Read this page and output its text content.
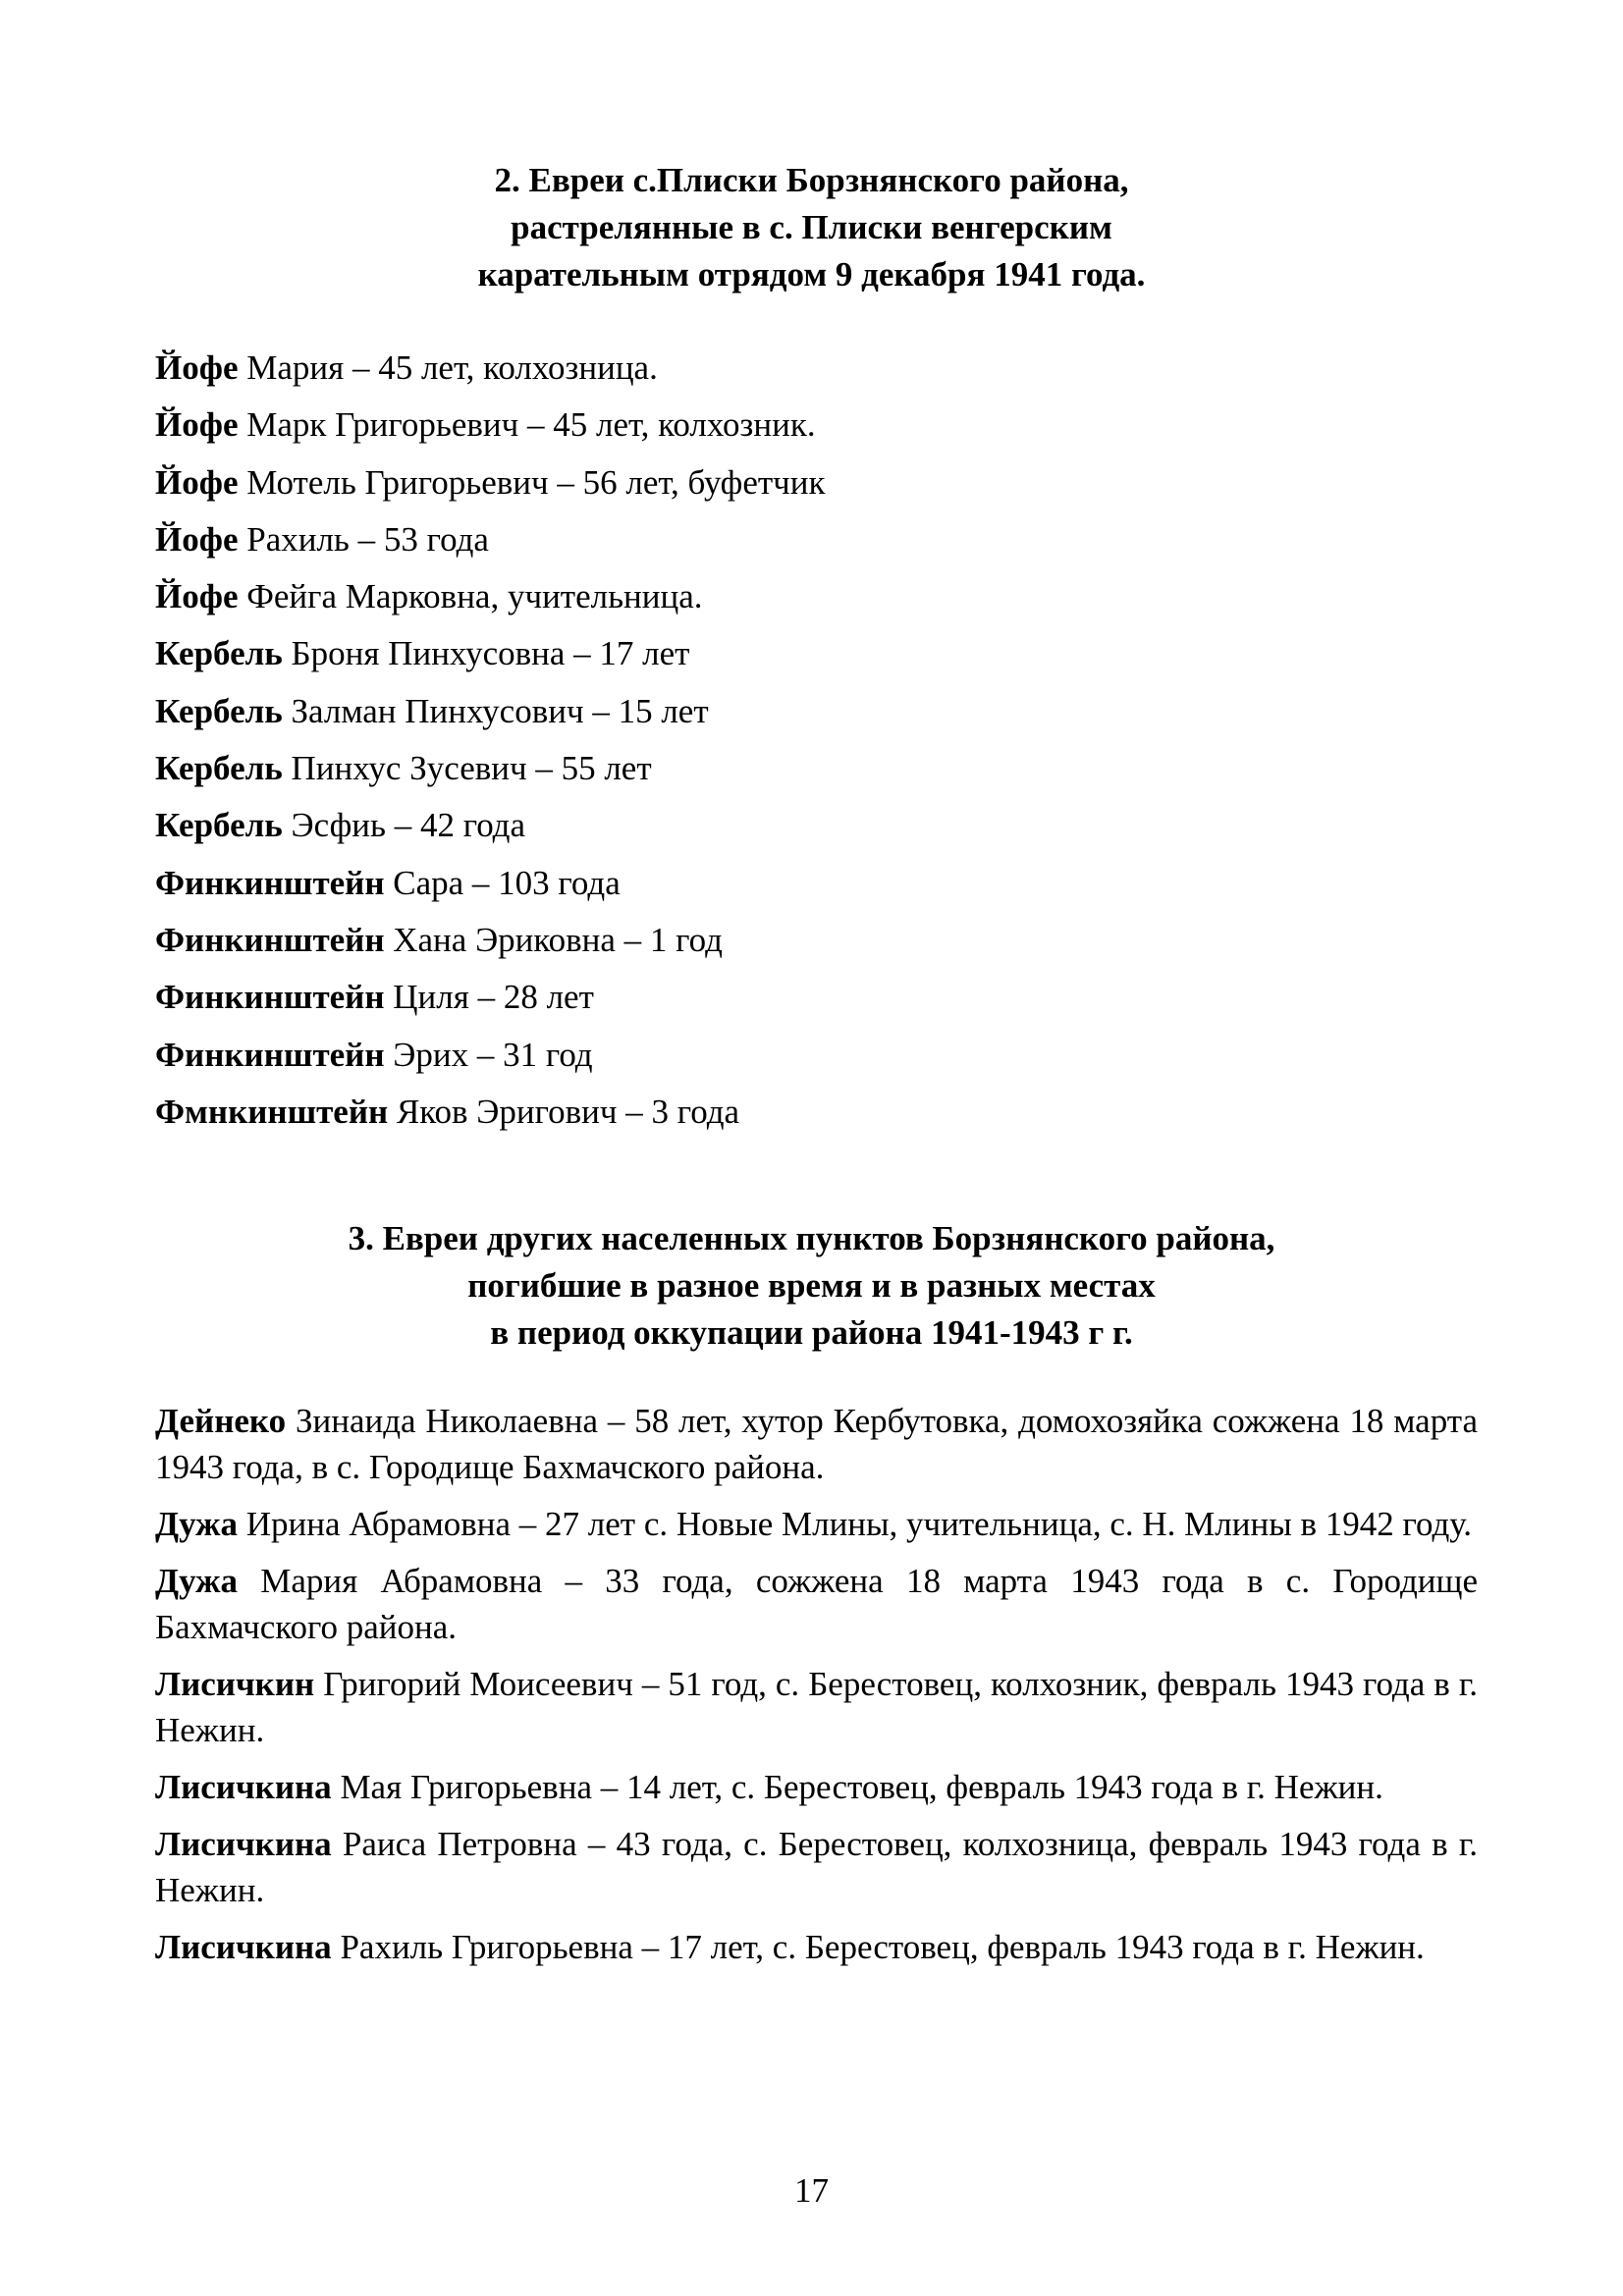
2. Евреи с.Плиски Борзнянского района,
растрелянные в с. Плиски венгерским
карательным отрядом 9 декабря 1941 года.
Йофе Мария – 45 лет, колхозница.
Йофе Марк Григорьевич – 45 лет, колхозник.
Йофе Мотель Григорьевич – 56 лет, буфетчик
Йофе Рахиль – 53 года
Йофе Фейга Марковна, учительница.
Кербель Броня Пинхусовна – 17 лет
Кербель Залман Пинхусович – 15 лет
Кербель Пинхус Зусевич – 55 лет
Кербель Эсфиь – 42 года
Финкинштейн Сара – 103 года
Финкинштейн Хана Эриковна – 1 год
Финкинштейн Циля – 28 лет
Финкинштейн Эрих – 31 год
Фмнкинштейн Яков Эригович – 3 года
3. Евреи других населенных пунктов Борзнянского района,
погибшие в разное время и в разных местах
в период оккупации района 1941-1943 г г.
Дейнеко Зинаида Николаевна – 58 лет, хутор Кербутовка, домохозяйка сожжена 18 марта 1943 года, в с. Городище Бахмачского района.
Дужа Ирина Абрамовна – 27 лет с. Новые Млины, учительница, с. Н. Млины в 1942 году.
Дужа Мария Абрамовна – 33 года, сожжена 18 марта 1943 года в с. Городище Бахмачского района.
Лисичкин Григорий Моисеевич – 51 год, с. Берестовец, колхозник, февраль 1943 года в г. Нежин.
Лисичкина Мая Григорьевна – 14 лет, с. Берестовец, февраль 1943 года в г. Нежин.
Лисичкина Раиса Петровна – 43 года, с. Берестовец, колхозница, февраль 1943 года в г. Нежин.
Лисичкина Рахиль Григорьевна – 17 лет, с. Берестовец, февраль 1943 года в г. Нежин.
17
